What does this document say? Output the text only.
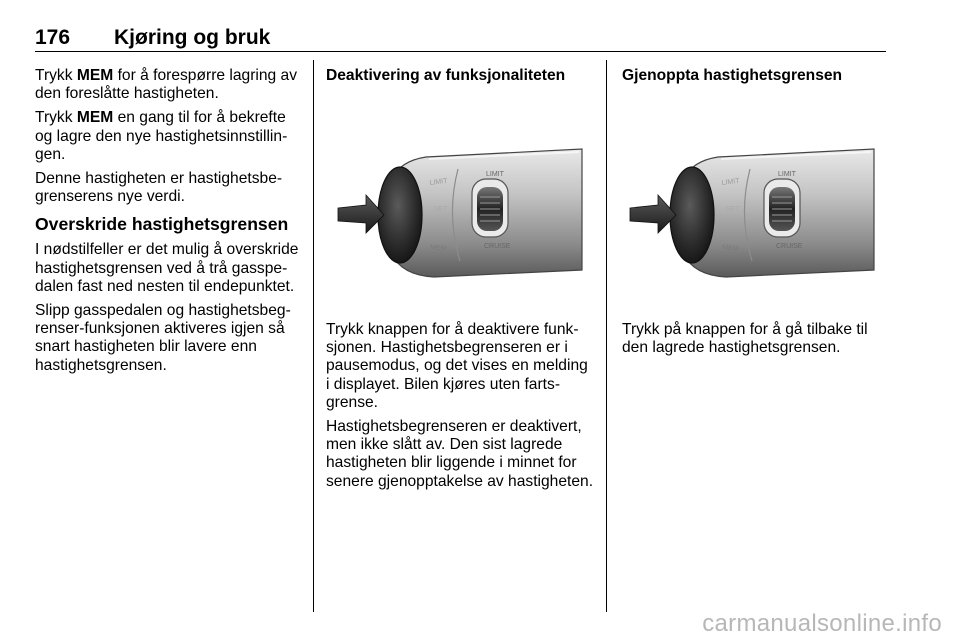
176 Kjøring og bruk

Trykk MEM for å forespørre lagring av den foreslåtte hastigheten.

Trykk MEM en gang til for å bekrefte og lagre den nye hastighetsinnstillingen.

Denne hastigheten er hastighetsbegrenserens nye verdi.

Overskride hastighetsgrensen

I nødstilfeller er det mulig å overskride hastighetsgrensen ved å trå gasspedalen fast ned nesten til endepunktet.

Slipp gasspedalen og hastighetsbegrenser-funksjonen aktiveres igjen så snart hastigheten blir lavere enn hastighetsgrensen.

Deaktivering av funksjonaliteten

Trykk knappen for å deaktivere funksjonen. Hastighetsbegrenseren er i pausemodus, og det vises en melding i displayet. Bilen kjøres uten fartsgrense.

Hastighetsbegrenseren er deaktivert, men ikke slått av. Den sist lagrede hastigheten blir liggende i minnet for senere gjenopptakelse av hastigheten.

Gjenoppta hastighetsgrensen

Trykk på knappen for å gå tilbake til den lagrede hastighetsgrensen.

LIMIT
LIMIT
CRUISE
MEM
SET
LIMIT
LIMIT
CRUISE
MEM
SET
carmanualsonline.info
